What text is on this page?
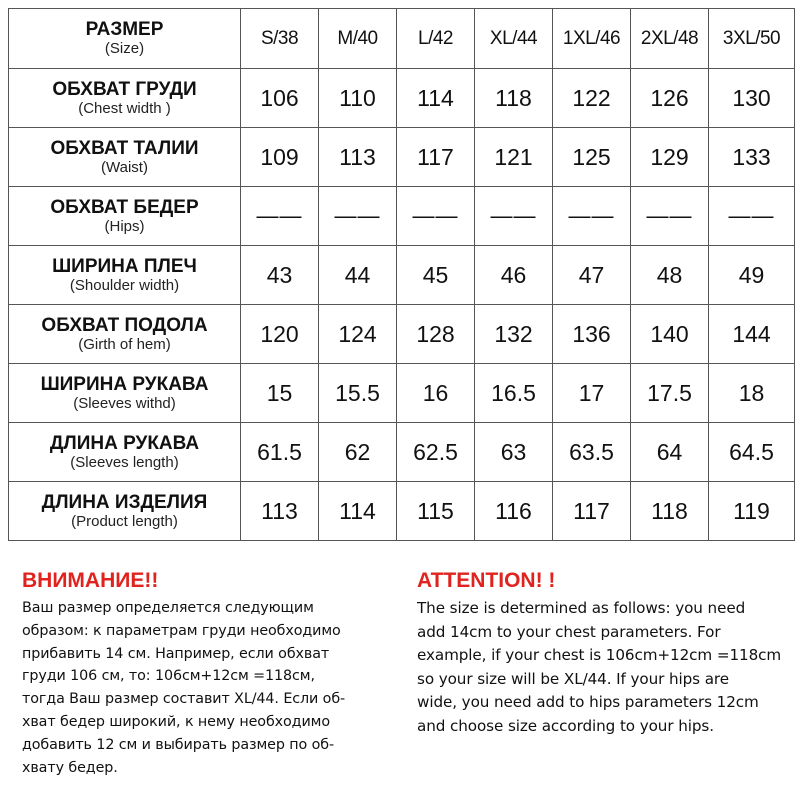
РАЗМЕР
(Size)	S/38	M/40	L/42	XL/44	1XL/46	2XL/48	3XL/50

ОБХВАТ ГРУДИ
(Chest width )	106	110	114	118	122	126	130

ОБХВАТ ТАЛИИ
(Waist)	109	113	117	121	125	129	133

ОБХВАТ БЕДЕР
(Hips)	——	——	——	——	——	——	——

ШИРИНА ПЛЕЧ
(Shoulder width)	43	44	45	46	47	48	49

ОБХВАТ ПОДОЛА
(Girth of hem)	120	124	128	132	136	140	144

ШИРИНА РУКАВА
(Sleeves withd)	15	15.5	16	16.5	17	17.5	18

ДЛИНА РУКАВА
(Sleeves length)	61.5	62	62.5	63	63.5	64	64.5

ДЛИНА ИЗДЕЛИЯ
(Product length)	113	114	115	116	117	118	119
ВНИМАНИЕ!!
Ваш размер определяется следующим
образом: к параметрам груди необходимо
прибавить 14 см. Например, если обхват
груди 106 см, то: 106см+12см =118см,
тогда Ваш размер составит XL/44. Если об-
хват бедер широкий, к нему необходимо
добавить 12 см и выбирать размер по об-
хвату бедер.
ATTENTION! !
The size is determined as follows: you need
add 14cm to your chest parameters. For
example, if your chest is 106cm+12cm =118cm
so your size will be XL/44. If your hips are
wide, you need add to hips parameters 12cm
and choose size according to your hips.
